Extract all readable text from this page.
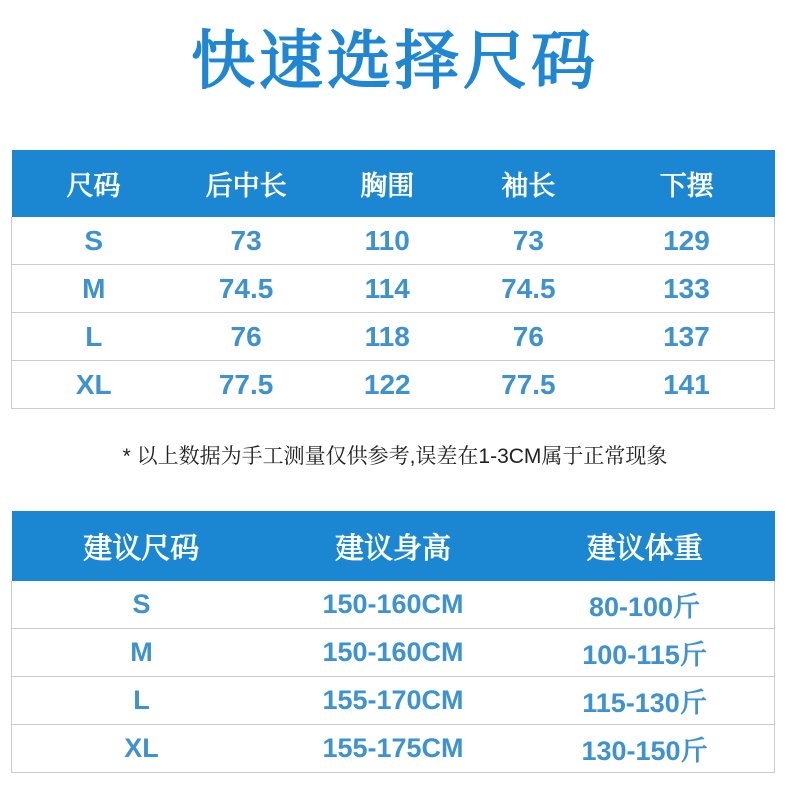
快速选择尺码
尺码	后中长	胸围	袖长	下摆
S	73	110	73	129
M	74.5	114	74.5	133
L	76	118	76	137
XL	77.5	122	77.5	141
* 以上数据为手工测量仅供参考,误差在1-3CM属于正常现象
建议尺码	建议身高	建议体重
S	150-160CM	80-100斤
M	150-160CM	100-115斤
L	155-170CM	115-130斤
XL	155-175CM	130-150斤
